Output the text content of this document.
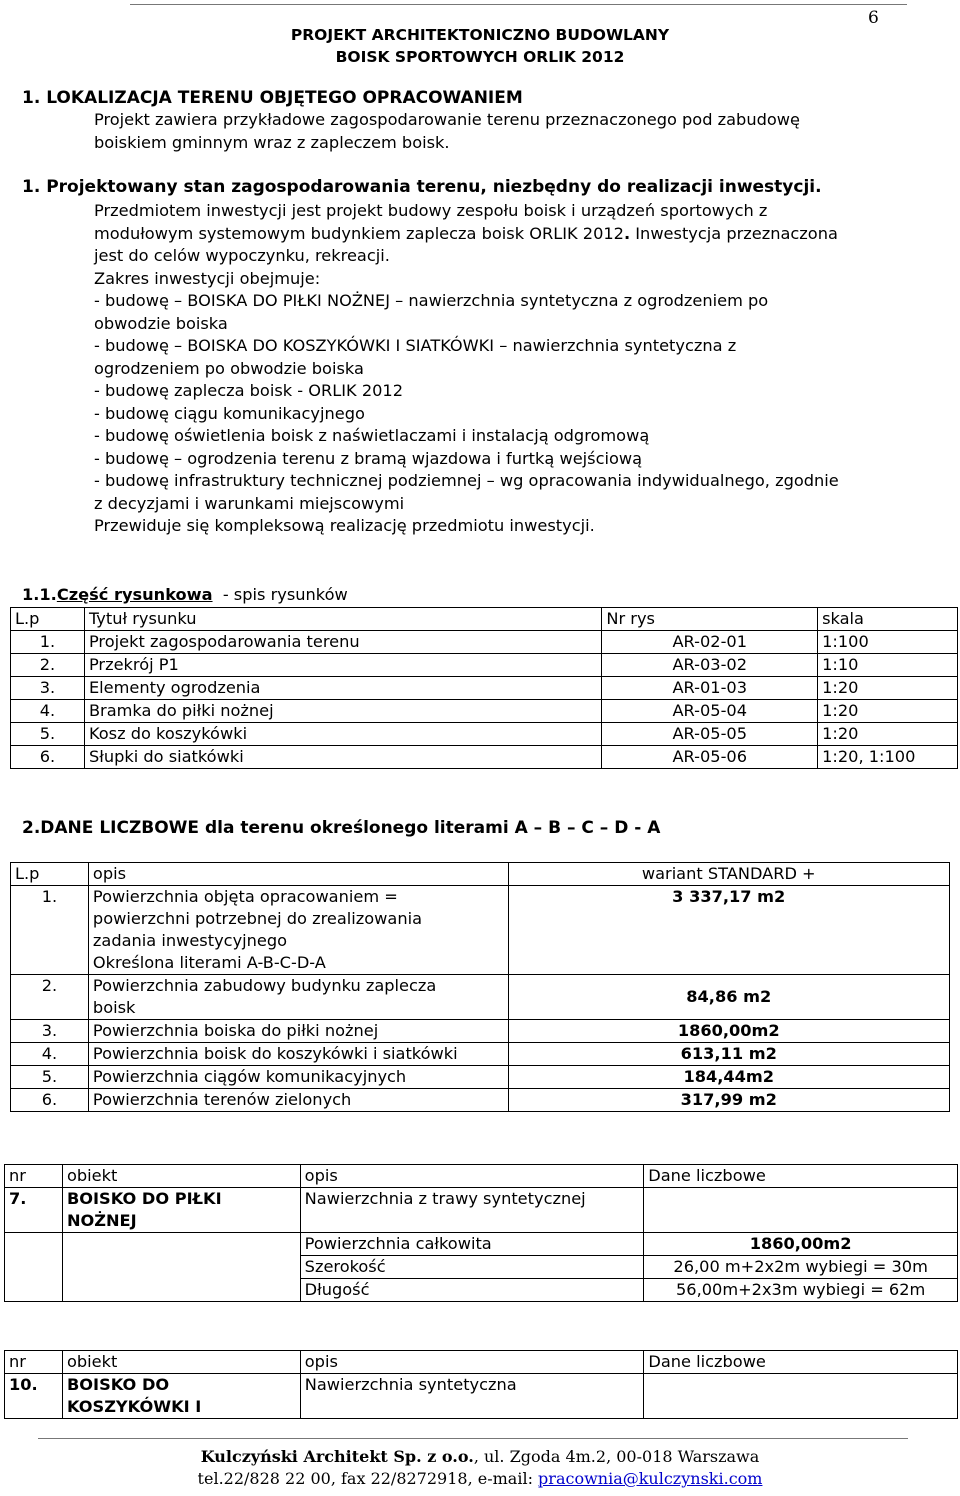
6
PROJEKT ARCHITEKTONICZNO BUDOWLANY
BOISK SPORTOWYCH ORLIK 2012
1. LOKALIZACJA TERENU OBJĘTEGO OPRACOWANIEM
Projekt zawiera przykładowe zagospodarowanie terenu przeznaczonego pod zabudowę
boiskiem gminnym wraz z zapleczem boisk.
1. Projektowany stan zagospodarowania terenu, niezbędny do realizacji inwestycji.
Przedmiotem inwestycji jest projekt budowy zespołu boisk i urządzeń sportowych z
modułowym systemowym budynkiem zaplecza boisk ORLIK 2012. Inwestycja przeznaczona
jest do celów wypoczynku, rekreacji.
Zakres inwestycji obejmuje:
- budowę – BOISKA DO PIŁKI NOŻNEJ – nawierzchnia syntetyczna z ogrodzeniem po
obwodzie boiska
- budowę – BOISKA DO KOSZYKÓWKI I SIATKÓWKI – nawierzchnia syntetyczna z
ogrodzeniem po obwodzie boiska
- budowę zaplecza boisk - ORLIK 2012
- budowę ciągu komunikacyjnego
- budowę oświetlenia boisk z naświetlaczami i instalacją odgromową
- budowę – ogrodzenia terenu z bramą wjazdowa i furtką wejściową
- budowę infrastruktury technicznej podziemnej – wg opracowania indywidualnego, zgodnie
z decyzjami i warunkami miejscowymi
Przewiduje się kompleksową realizację przedmiotu inwestycji.
1.1.Część rysunkowa  - spis rysunków
L.p	Tytuł rysunku	Nr rys	skala
1.	Projekt zagospodarowania terenu	AR-02-01	1:100
2.	Przekrój P1	AR-03-02	1:10
3.	Elementy ogrodzenia	AR-01-03	1:20
4.	Bramka do piłki nożnej	AR-05-04	1:20
5.	Kosz do koszykówki	AR-05-05	1:20
6.	Słupki do siatkówki	AR-05-06	1:20, 1:100
2.DANE LICZBOWE dla terenu określonego literami A – B – C – D - A
L.p	opis	wariant STANDARD +
1.	Powierzchnia objęta opracowaniem =
powierzchni potrzebnej do zrealizowania
zadania inwestycyjnego
Określona literami A-B-C-D-A	3 337,17 m2
2.	Powierzchnia zabudowy budynku zaplecza
boisk	84,86 m2
3.	Powierzchnia boiska do piłki nożnej	1860,00m2
4.	Powierzchnia boisk do koszykówki i siatkówki	613,11 m2
5.	Powierzchnia ciągów komunikacyjnych	184,44m2
6.	Powierzchnia terenów zielonych	317,99 m2
nr	obiekt	opis	Dane liczbowe
7.	BOISKO DO PIŁKI
NOŻNEJ	Nawierzchnia z trawy syntetycznej	

		Powierzchnia całkowita	1860,00m2
		Szerokość	26,00 m+2x2m wybiegi = 30m
		Długość	56,00m+2x3m wybiegi = 62m
nr	obiekt	opis	Dane liczbowe
10.	BOISKO DO
KOSZYKÓWKI I	Nawierzchnia syntetyczna	
Kulczyński Architekt Sp. z o.o., ul. Zgoda 4m.2, 00-018 Warszawa
tel.22/828 22 00, fax 22/8272918, e-mail: pracownia@kulczynski.com
